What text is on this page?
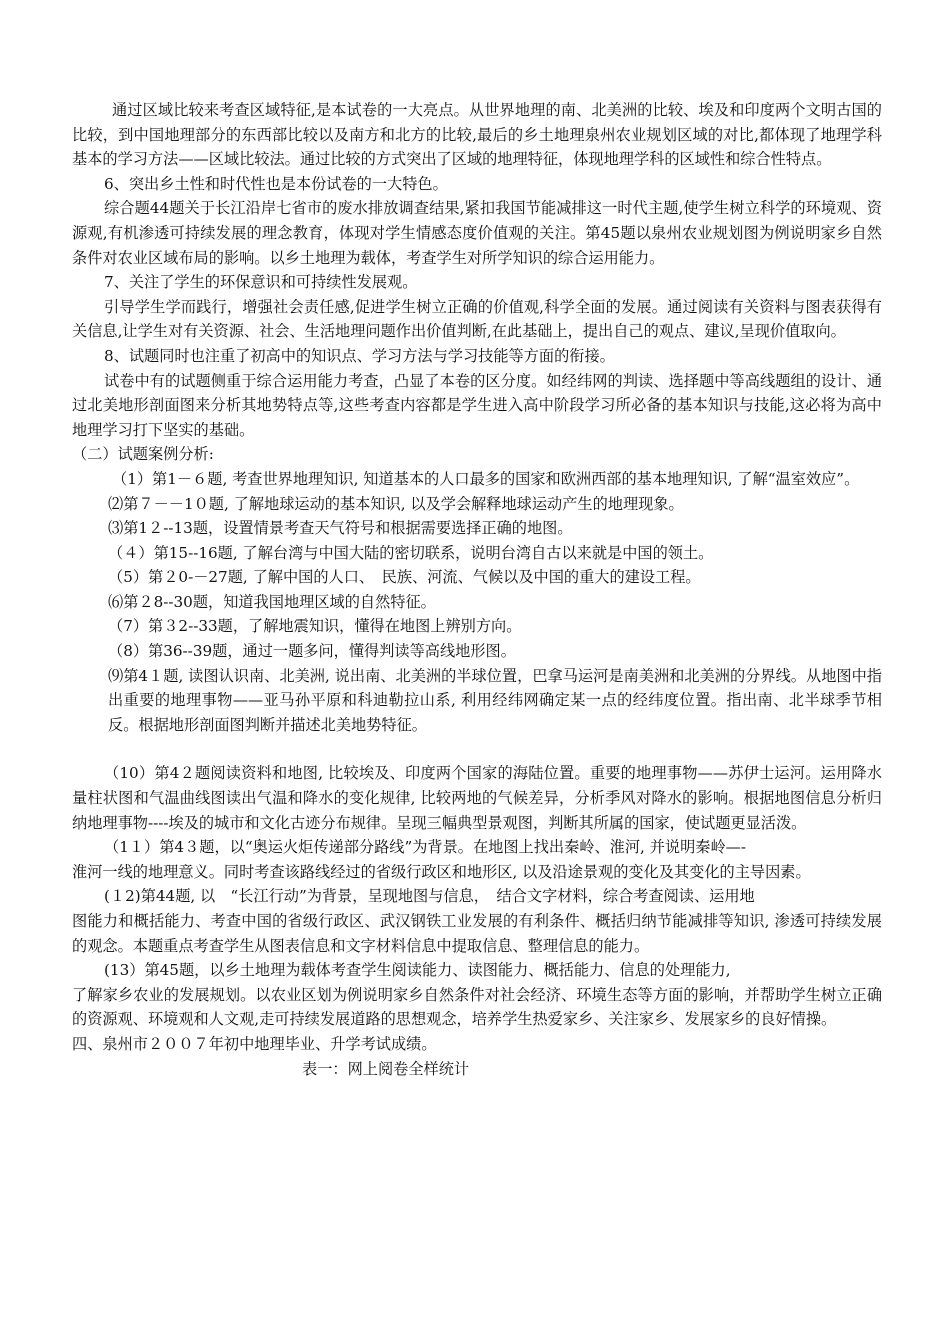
通过区域比较来考查区域特征,是本试卷的一大亮点。从世界地理的南、北美洲的比较、埃及和印度两个文明古国的比较，到中国地理部分的东西部比较以及南方和北方的比较,最后的乡土地理泉州农业规划区域的对比,都体现了地理学科基本的学习方法——区域比较法。通过比较的方式突出了区域的地理特征，体现地理学科的区域性和综合性特点。

6、突出乡土性和时代性也是本份试卷的一大特色。

综合题44题关于长江沿岸七省市的废水排放调查结果,紧扣我国节能减排这一时代主题,使学生树立科学的环境观、资源观,有机渗透可持续发展的理念教育，体现对学生情感态度价值观的关注。第45题以泉州农业规划图为例说明家乡自然条件对农业区域布局的影响。以乡土地理为载体，考查学生对所学知识的综合运用能力。

7、关注了学生的环保意识和可持续性发展观。

引导学生学而践行，增强社会责任感,促进学生树立正确的价值观,科学全面的发展。通过阅读有关资料与图表获得有关信息,让学生对有关资源、社会、生活地理问题作出价值判断,在此基础上，提出自己的观点、建议,呈现价值取向。

8、试题同时也注重了初高中的知识点、学习方法与学习技能等方面的衔接。

试卷中有的试题侧重于综合运用能力考查，凸显了本卷的区分度。如经纬网的判读、选择题中等高线题组的设计、通过北美地形剖面图来分析其地势特点等,这些考查内容都是学生进入高中阶段学习所必备的基本知识与技能,这必将为高中地理学习打下坚实的基础。

（二）试题案例分析:

（1）第1－６题, 考查世界地理知识, 知道基本的人口最多的国家和欧洲西部的基本地理知识, 了解“温室效应”。

⑵第７－－1０题, 了解地球运动的基本知识, 以及学会解释地球运动产生的地理现象。

⑶第1２--13题，设置情景考查天气符号和根据需要选择正确的地图。

（４）第15--16题, 了解台湾与中国大陆的密切联系，说明台湾自古以来就是中国的领土。

（5）第２0-－27题, 了解中国的人口、　民族、河流、气候以及中国的重大的建设工程。

⑹第２8--30题，知道我国地理区域的自然特征。

（7）第３2--33题，了解地震知识，懂得在地图上辨别方向。

（8）第36--39题，通过一题多问，懂得判读等高线地形图。

⑼第4１题, 读图认识南、北美洲, 说出南、北美洲的半球位置，巴拿马运河是南美洲和北美洲的分界线。从地图中指出重要的地理事物——亚马孙平原和科迪勒拉山系, 利用经纬网确定某一点的经纬度位置。指出南、北半球季节相反。根据地形剖面图判断并描述北美地势特征。

（10）第4２题阅读资料和地图, 比较埃及、印度两个国家的海陆位置。重要的地理事物——苏伊士运河。运用降水量柱状图和气温曲线图读出气温和降水的变化规律, 比较两地的气候差异，分析季风对降水的影响。根据地图信息分析归纳地理事物----埃及的城市和文化古迹分布规律。呈现三幅典型景观图，判断其所属的国家，使试题更显活泼。

（1１）第4３题，以“奥运火炬传递部分路线”为背景。在地图上找出秦岭、淮河, 并说明秦岭—-

淮河一线的地理意义。同时考查该路线经过的省级行政区和地形区, 以及沿途景观的变化及其变化的主导因素。

(１2)第44题, 以　“长江行动”为背景，呈现地图与信息，　结合文字材料，综合考查阅读、运用地

图能力和概括能力、考查中国的省级行政区、武汉钢铁工业发展的有利条件、概括归纳节能减排等知识, 渗透可持续发展的观念。本题重点考查学生从图表信息和文字材料信息中提取信息、整理信息的能力。

(13）第45题，以乡土地理为载体考查学生阅读能力、读图能力、概括能力、信息的处理能力,

了解家乡农业的发展规划。以农业区划为例说明家乡自然条件对社会经济、环境生态等方面的影响，并帮助学生树立正确的资源观、环境观和人文观,走可持续发展道路的思想观念，培养学生热爱家乡、关注家乡、发展家乡的良好情操。

四、泉州市２００７年初中地理毕业、升学考试成绩。

表一：网上阅卷全样统计
